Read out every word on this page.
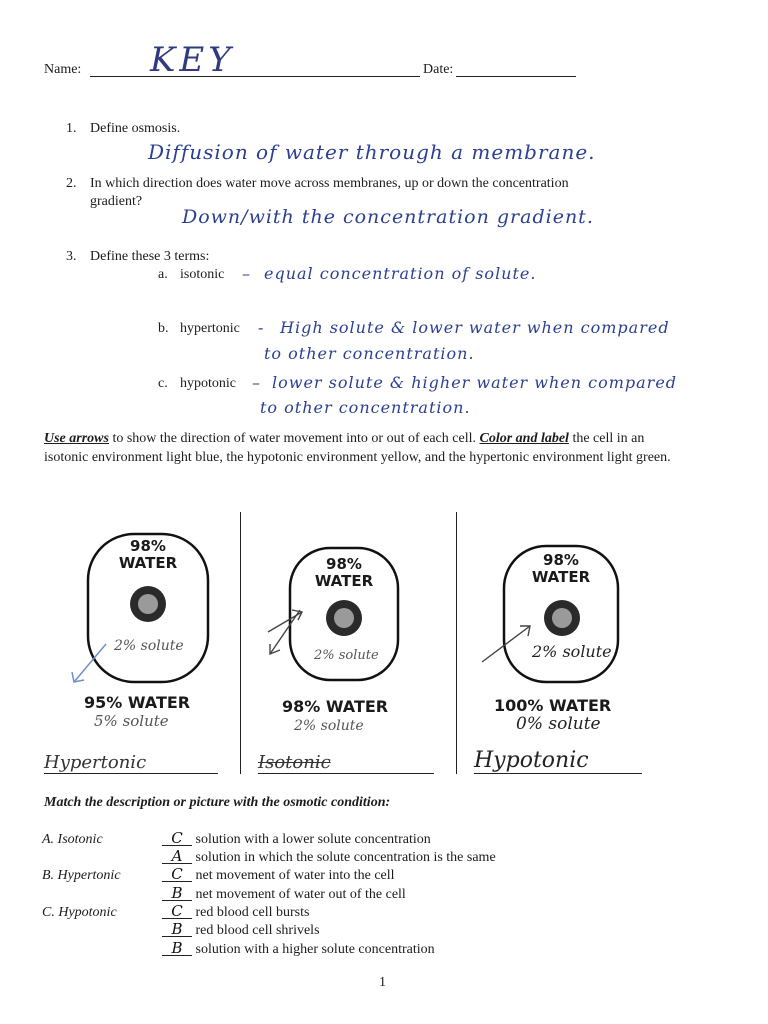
Name: KEY	Date:
1. Define osmosis.
Diffusion of water through a membrane.
2. In which direction does water move across membranes, up or down the concentration
gradient?
Down/with the concentration gradient.
3. Define these 3 terms:
a. isotonic – equal concentration of solute.
b. hypertonic - High solute & lower water when compared
to other concentration.
c. hypotonic – lower solute & higher water when compared
to other concentration.
Use arrows to show the direction of water movement into or out of each cell. Color and label the cell in an isotonic environment light blue, the hypotonic environment yellow, and the hypertonic environment light green.
98%
WATER
2% solute
95% WATER
5% solute
Hypertonic
98%
WATER
2% solute
98% WATER
2% solute
Isotonic
98%
WATER
2% solute
100% WATER
0% solute
Hypotonic
Match the description or picture with the osmotic condition:
A. Isotonic
B. Hypertonic
C. Hypotonic
C solution with a lower solute concentration
A solution in which the solute concentration is the same
C net movement of water into the cell
B net movement of water out of the cell
C red blood cell bursts
B red blood cell shrivels
B solution with a higher solute concentration
1
